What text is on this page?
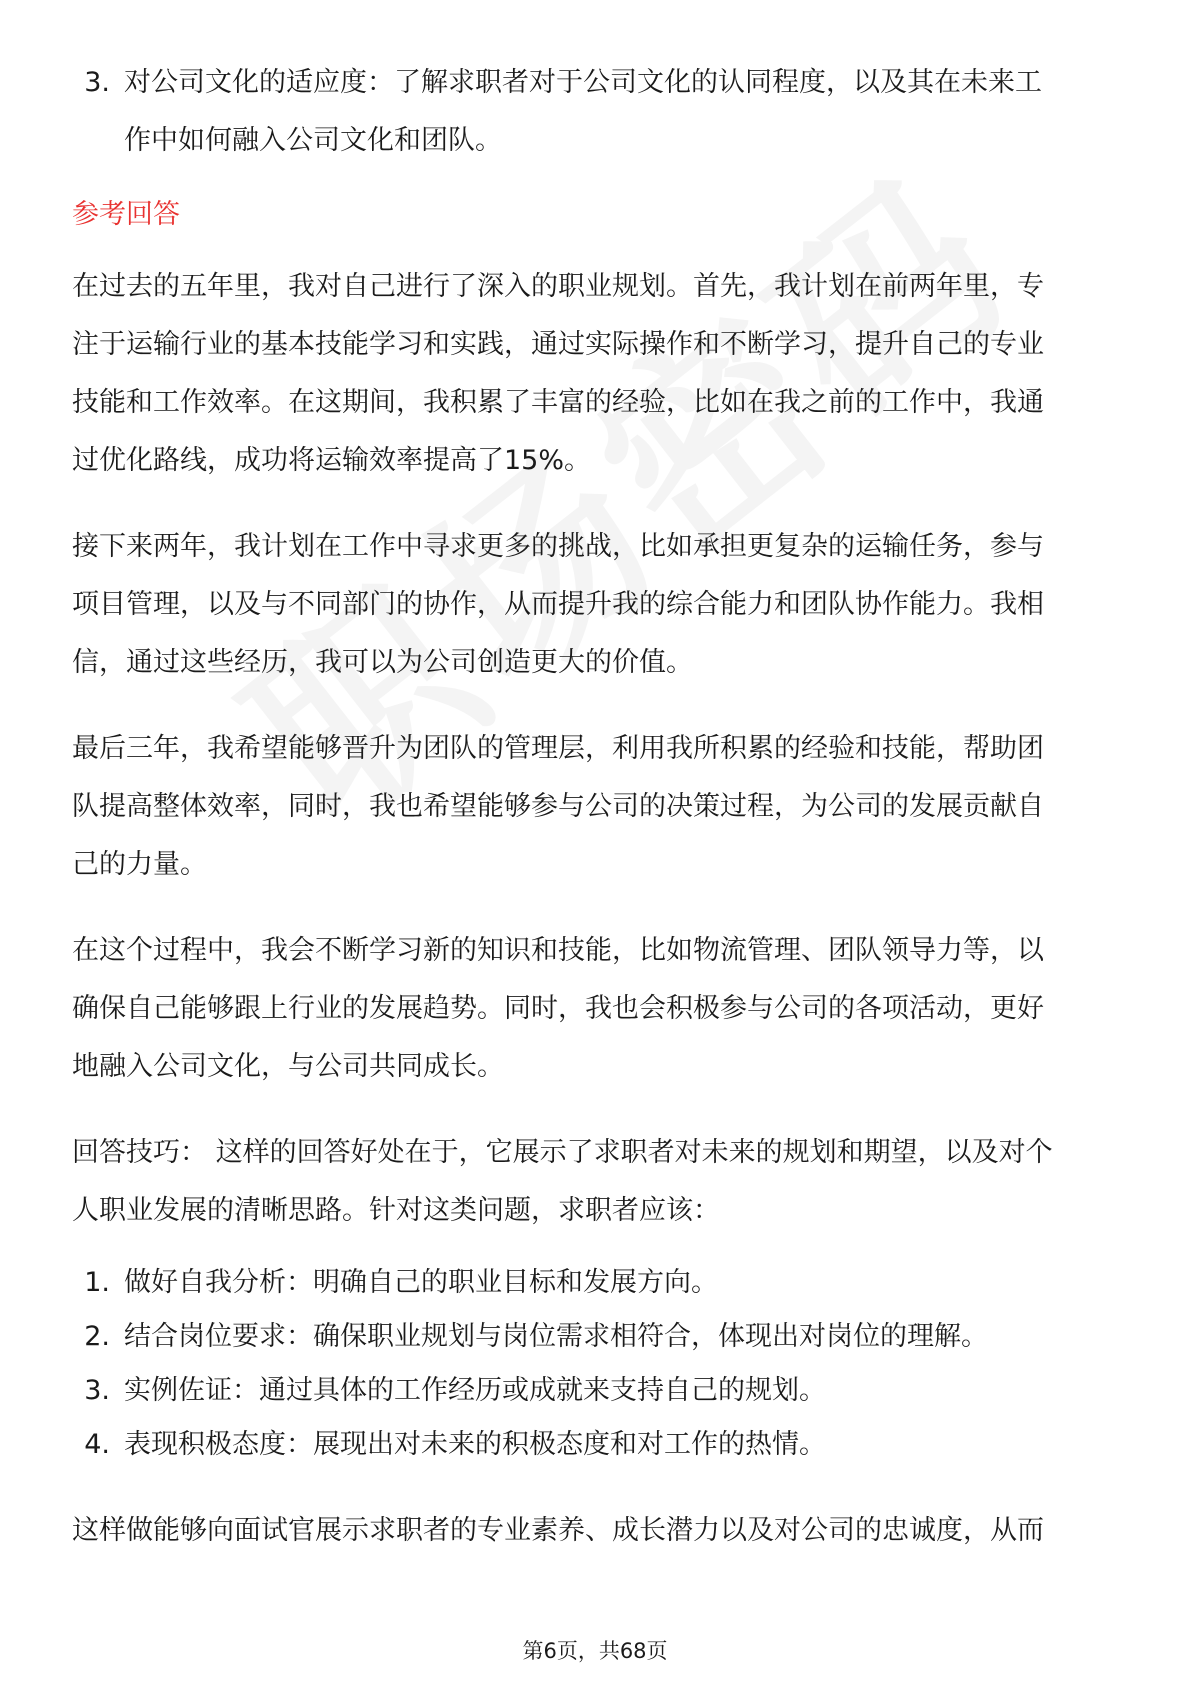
3. 对公司文化的适应度：了解求职者对于公司文化的认同程度，以及其在未来工
作中如何融入公司文化和团队。
参考回答
在过去的五年里，我对自己进行了深入的职业规划。首先，我计划在前两年里，专
注于运输行业的基本技能学习和实践，通过实际操作和不断学习，提升自己的专业
技能和工作效率。在这期间，我积累了丰富的经验，比如在我之前的工作中，我通
过优化路线，成功将运输效率提高了15%。
接下来两年，我计划在工作中寻求更多的挑战，比如承担更复杂的运输任务，参与
项目管理，以及与不同部门的协作，从而提升我的综合能力和团队协作能力。我相
信，通过这些经历，我可以为公司创造更大的价值。
最后三年，我希望能够晋升为团队的管理层，利用我所积累的经验和技能，帮助团
队提高整体效率，同时，我也希望能够参与公司的决策过程，为公司的发展贡献自
己的力量。
在这个过程中，我会不断学习新的知识和技能，比如物流管理、团队领导力等，以
确保自己能够跟上行业的发展趋势。同时，我也会积极参与公司的各项活动，更好
地融入公司文化，与公司共同成长。
回答技巧： 这样的回答好处在于，它展示了求职者对未来的规划和期望，以及对个
人职业发展的清晰思路。针对这类问题，求职者应该：
1. 做好自我分析：明确自己的职业目标和发展方向。
2. 结合岗位要求：确保职业规划与岗位需求相符合，体现出对岗位的理解。
3. 实例佐证：通过具体的工作经历或成就来支持自己的规划。
4. 表现积极态度：展现出对未来的积极态度和对工作的热情。
这样做能够向面试官展示求职者的专业素养、成长潜力以及对公司的忠诚度，从而
第6页，共68页
